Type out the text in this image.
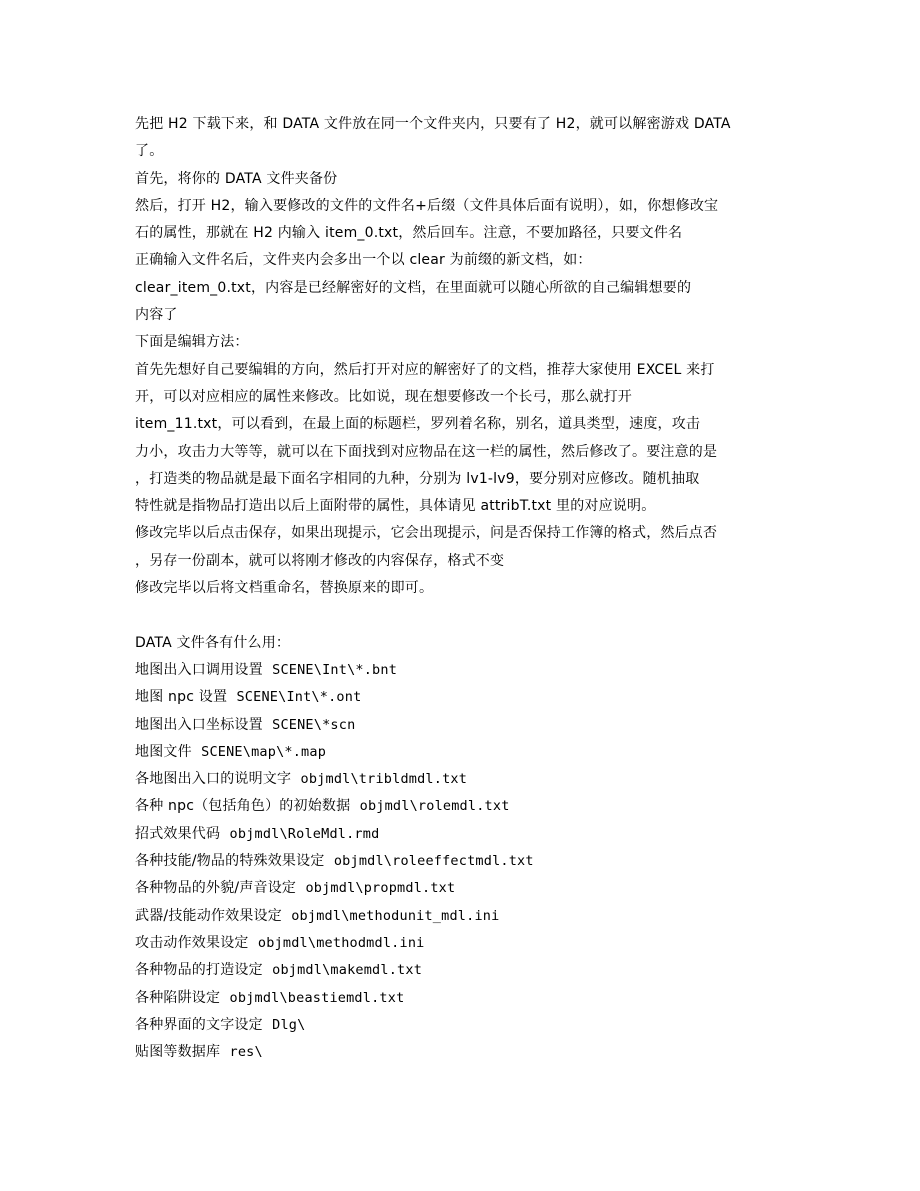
先把 H2 下载下来，和 DATA 文件放在同一个文件夹内，只要有了 H2，就可以解密游戏 DATA
了。
首先，将你的 DATA 文件夹备份
然后，打开 H2，输入要修改的文件的文件名+后缀（文件具体后面有说明），如，你想修改宝
石的属性，那就在 H2 内输入 item_0.txt，然后回车。注意，不要加路径，只要文件名
正确输入文件名后，文件夹内会多出一个以 clear 为前缀的新文档，如：
clear_item_0.txt，内容是已经解密好的文档，在里面就可以随心所欲的自己编辑想要的
内容了
下面是编辑方法：
首先先想好自己要编辑的方向，然后打开对应的解密好了的文档，推荐大家使用 EXCEL 来打
开，可以对应相应的属性来修改。比如说，现在想要修改一个长弓，那么就打开
item_11.txt，可以看到，在最上面的标题栏，罗列着名称，别名，道具类型，速度，攻击
力小，攻击力大等等，就可以在下面找到对应物品在这一栏的属性，然后修改了。要注意的是
，打造类的物品就是最下面名字相同的九种，分别为 lv1-lv9，要分别对应修改。随机抽取
特性就是指物品打造出以后上面附带的属性，具体请见 attribT.txt 里的对应说明。
修改完毕以后点击保存，如果出现提示，它会出现提示，问是否保持工作簿的格式，然后点否
，另存一份副本，就可以将刚才修改的内容保存，格式不变
修改完毕以后将文档重命名，替换原来的即可。
DATA 文件各有什么用：
地图出入口调用设置 SCENE\Int\*.bnt
地图 npc 设置 SCENE\Int\*.ont
地图出入口坐标设置 SCENE\*scn
地图文件 SCENE\map\*.map
各地图出入口的说明文字 objmdl\tribldmdl.txt
各种 npc（包括角色）的初始数据 objmdl\rolemdl.txt
招式效果代码 objmdl\RoleMdl.rmd
各种技能/物品的特殊效果设定 objmdl\roleeffectmdl.txt
各种物品的外貌/声音设定 objmdl\propmdl.txt
武器/技能动作效果设定 objmdl\methodunit_mdl.ini
攻击动作效果设定 objmdl\methodmdl.ini
各种物品的打造设定 objmdl\makemdl.txt
各种陷阱设定 objmdl\beastiemdl.txt
各种界面的文字设定 Dlg\
贴图等数据库 res\
